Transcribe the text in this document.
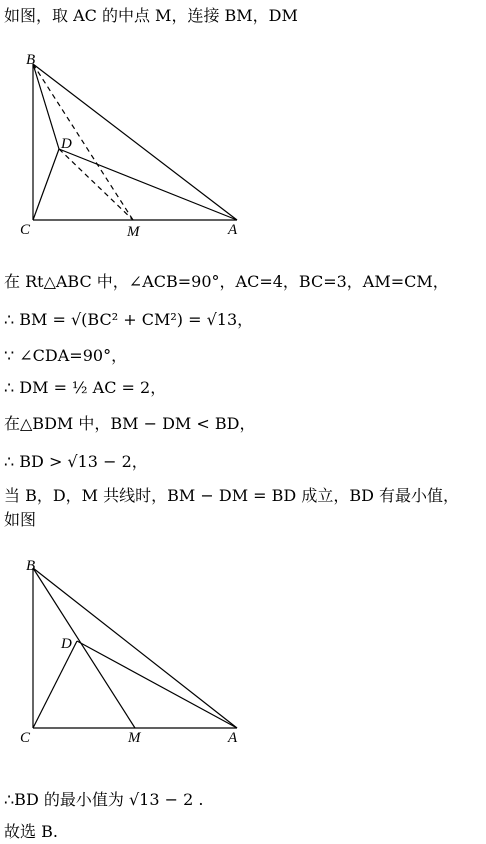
如图，取 AC 的中点 M，连接 BM，DM
B
D
C	M	A
在 Rt△ABC 中，∠ACB=90°，AC=4，BC=3，AM=CM，
∴ BM = √(BC² + CM²) = √13，
∵ ∠CDA=90°，
∴ DM = ½ AC = 2，
在△BDM 中，BM − DM < BD，
∴ BD > √13 − 2，
当 B，D，M 共线时，BM − DM = BD 成立，BD 有最小值，
如图
B
D
C	M	A
∴BD 的最小值为 √13 − 2 .
故选 B.
